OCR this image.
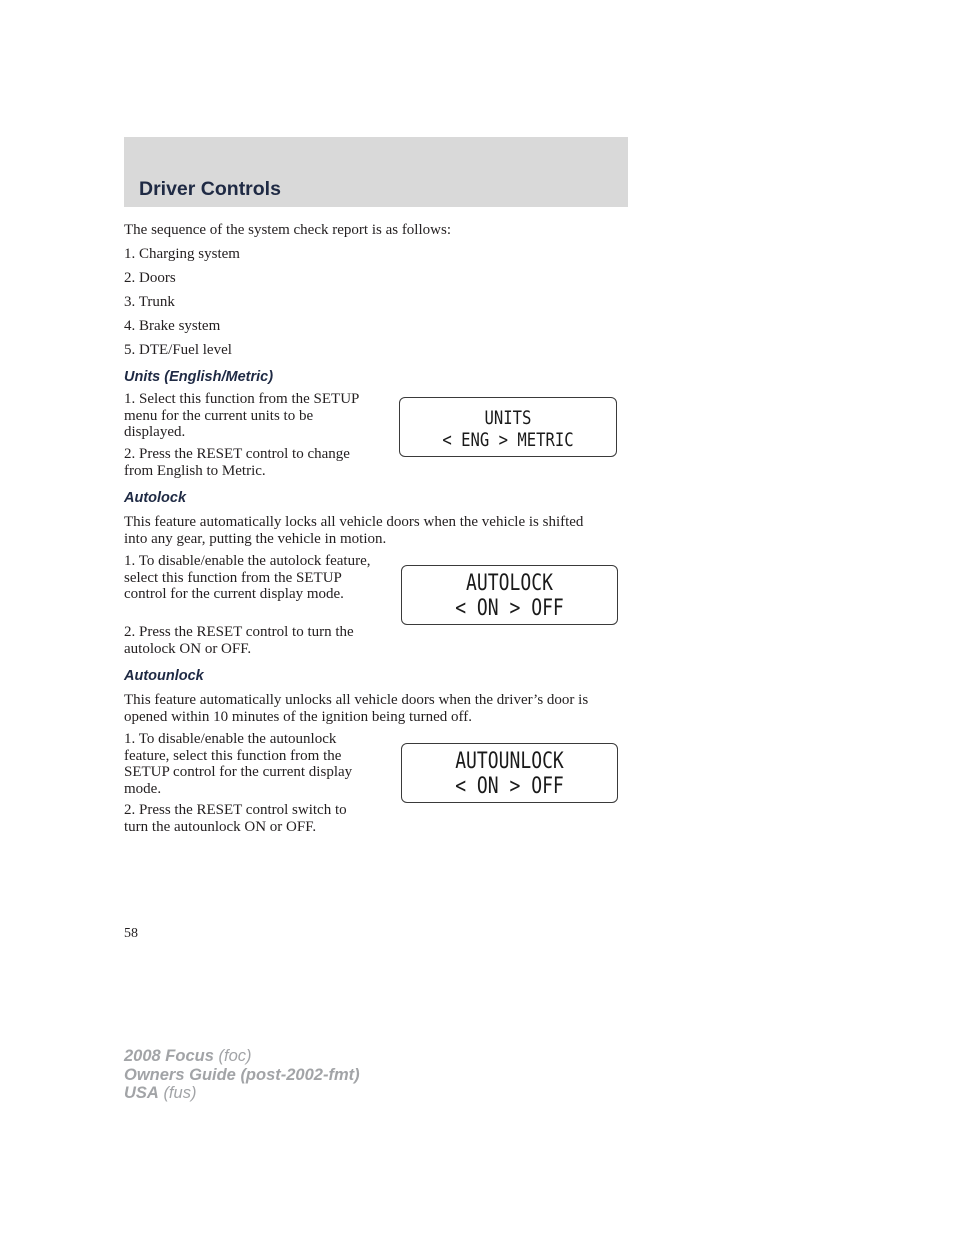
Driver Controls

The sequence of the system check report is as follows:

1. Charging system

2. Doors

3. Trunk

4. Brake system

5. DTE/Fuel level

Units (English/Metric)

1. Select this function from the SETUP menu for the current units to be displayed.

2. Press the RESET control to change from English to Metric.

UNITS
< ENG > METRIC
Autolock

This feature automatically locks all vehicle doors when the vehicle is shifted into any gear, putting the vehicle in motion.

1. To disable/enable the autolock feature, select this function from the SETUP control for the current display mode.

2. Press the RESET control to turn the autolock ON or OFF.

AUTOLOCK
< ON > OFF
Autounlock

This feature automatically unlocks all vehicle doors when the driver’s door is opened within 10 minutes of the ignition being turned off.

1. To disable/enable the autounlock feature, select this function from the SETUP control for the current display mode.

2. Press the RESET control switch to turn the autounlock ON or OFF.

AUTOUNLOCK
< ON > OFF

58

2008 Focus (foc)
Owners Guide (post-2002-fmt)
USA (fus)
